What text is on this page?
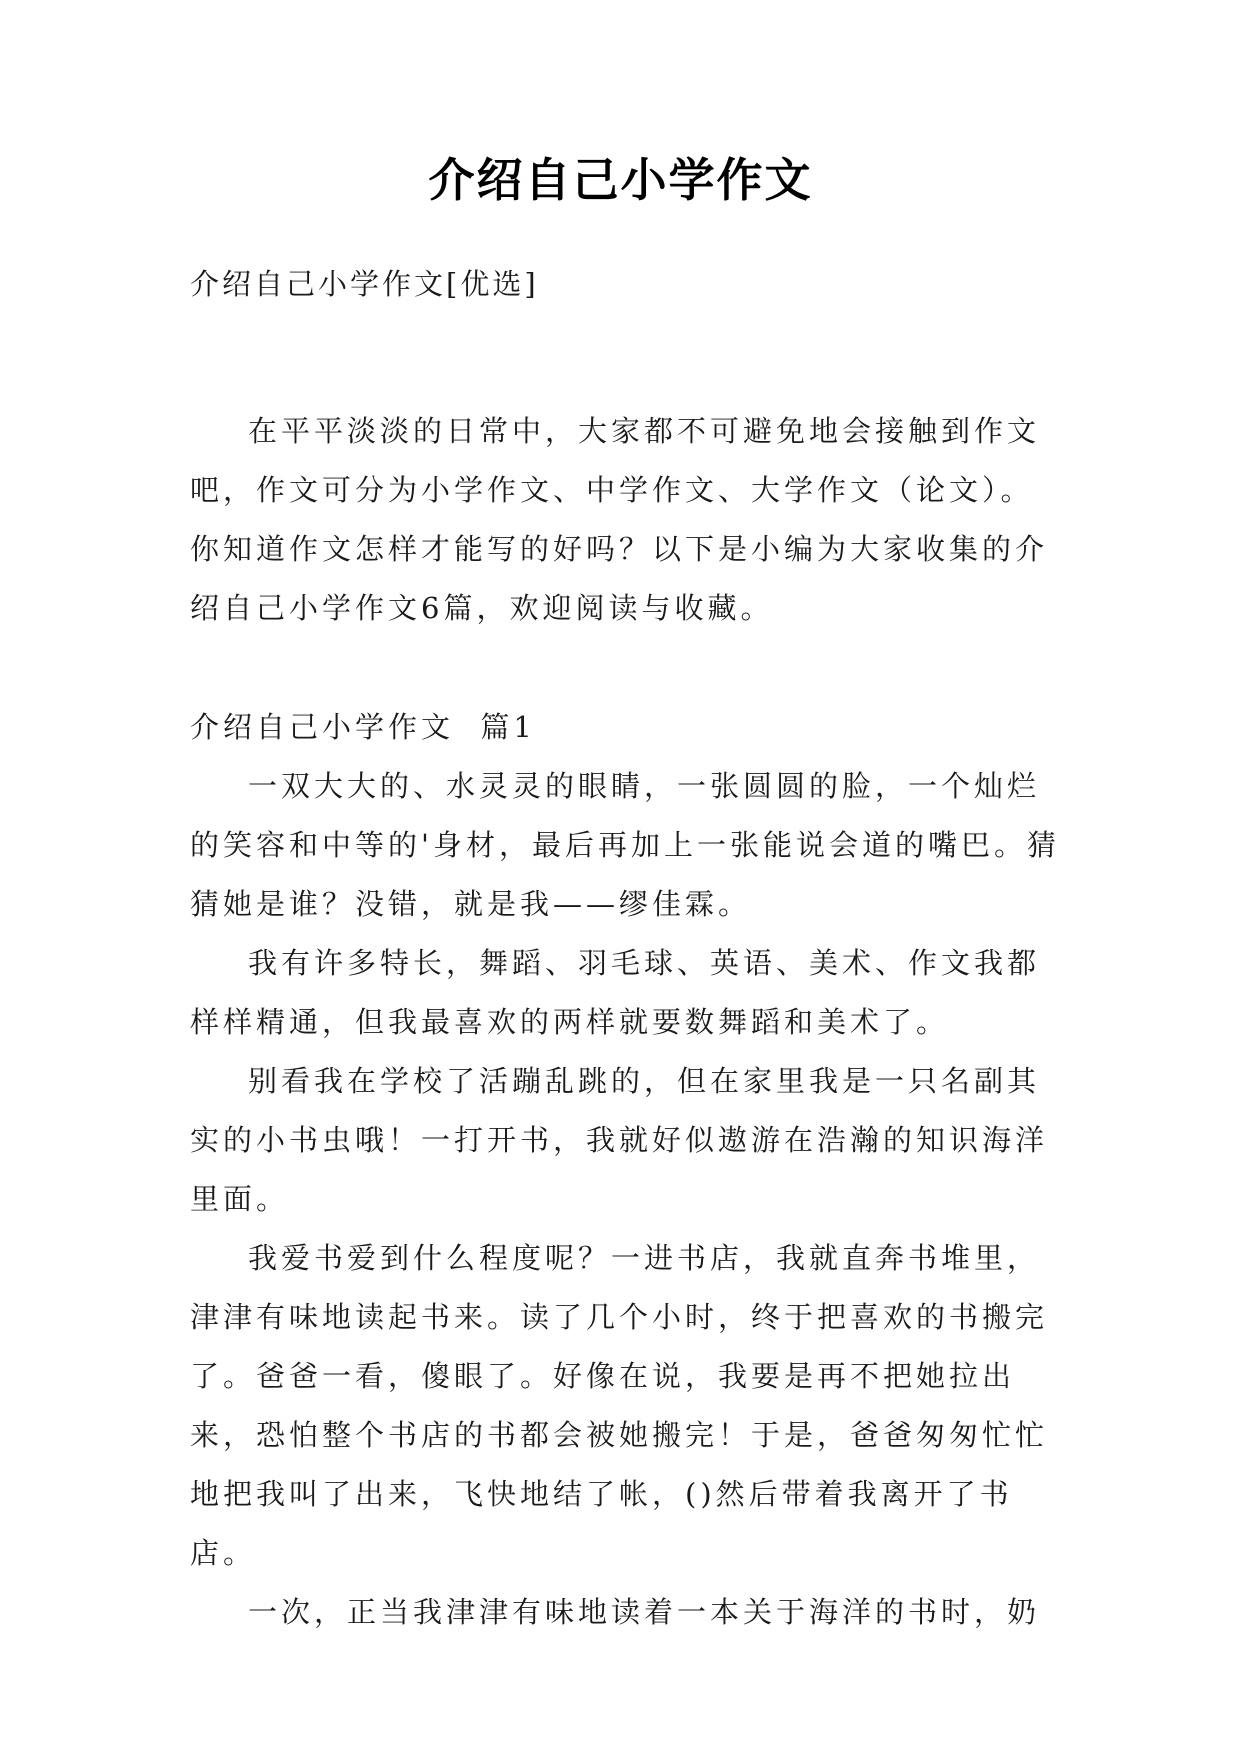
介绍自己小学作文
介绍自己小学作文[优选]

在平平淡淡的日常中，大家都不可避免地会接触到作文吧，作文可分为小学作文、中学作文、大学作文（论文）。你知道作文怎样才能写的好吗？以下是小编为大家收集的介绍自己小学作文6篇，欢迎阅读与收藏。

介绍自己小学作文  篇1

一双大大的、水灵灵的眼睛，一张圆圆的脸，一个灿烂的笑容和中等的'身材，最后再加上一张能说会道的嘴巴。猜猜她是谁？没错，就是我——缪佳霖。

我有许多特长，舞蹈、羽毛球、英语、美术、作文我都样样精通，但我最喜欢的两样就要数舞蹈和美术了。

别看我在学校了活蹦乱跳的，但在家里我是一只名副其实的小书虫哦！一打开书，我就好似遨游在浩瀚的知识海洋里面。

我爱书爱到什么程度呢？一进书店，我就直奔书堆里，津津有味地读起书来。读了几个小时，终于把喜欢的书搬完了。爸爸一看，傻眼了。好像在说，我要是再不把她拉出来，恐怕整个书店的书都会被她搬完！于是，爸爸匆匆忙忙地把我叫了出来，飞快地结了帐，()然后带着我离开了书店。

一次，正当我津津有味地读着一本关于海洋的书时，奶
